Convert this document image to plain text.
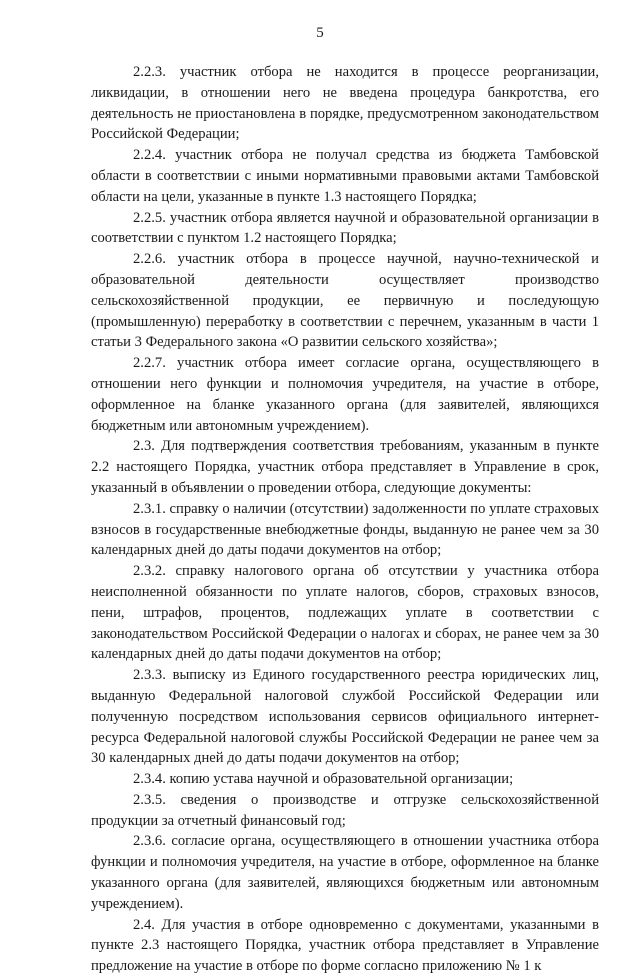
5

2.2.3. участник отбора не находится в процессе реорганизации, ликвидации, в отношении него не введена процедура банкротства, его деятельность не приостановлена в порядке, предусмотренном законодательством Российской Федерации;

2.2.4. участник отбора не получал средства из бюджета Тамбовской области в соответствии с иными нормативными правовыми актами Тамбовской области на цели, указанные в пункте 1.3 настоящего Порядка;

2.2.5. участник отбора является научной и образовательной организации в соответствии с пунктом 1.2 настоящего Порядка;

2.2.6. участник отбора в процессе научной, научно-технической и образовательной деятельности осуществляет производство сельскохозяйственной продукции, ее первичную и последующую (промышленную) переработку в соответствии с перечнем, указанным в части 1 статьи 3 Федерального закона «О развитии сельского хозяйства»;

2.2.7. участник отбора имеет согласие органа, осуществляющего в отношении него функции и полномочия учредителя, на участие в отборе, оформленное на бланке указанного органа (для заявителей, являющихся бюджетным или автономным учреждением).

2.3. Для подтверждения соответствия требованиям, указанным в пункте 2.2 настоящего Порядка, участник отбора представляет в Управление в срок, указанный в объявлении о проведении отбора, следующие документы:

2.3.1. справку о наличии (отсутствии) задолженности по уплате страховых взносов в государственные внебюджетные фонды, выданную не ранее чем за 30 календарных дней до даты подачи документов на отбор;

2.3.2. справку налогового органа об отсутствии у участника отбора неисполненной обязанности по уплате налогов, сборов, страховых взносов, пени, штрафов, процентов, подлежащих уплате в соответствии с законодательством Российской Федерации о налогах и сборах, не ранее чем за 30 календарных дней до даты подачи документов на отбор;

2.3.3. выписку из Единого государственного реестра юридических лиц, выданную Федеральной налоговой службой Российской Федерации или полученную посредством использования сервисов официального интернет-ресурса Федеральной налоговой службы Российской Федерации не ранее чем за 30 календарных дней до даты подачи документов на отбор;

2.3.4. копию устава научной и образовательной организации;

2.3.5. сведения о производстве и отгрузке сельскохозяйственной продукции за отчетный финансовый год;

2.3.6. согласие органа, осуществляющего в отношении участника отбора функции и полномочия учредителя, на участие в отборе, оформленное на бланке указанного органа (для заявителей, являющихся бюджетным или автономным учреждением).

2.4. Для участия в отборе одновременно с документами, указанными в пункте 2.3 настоящего Порядка, участник отбора представляет в Управление предложение на участие в отборе по форме согласно приложению № 1 к
